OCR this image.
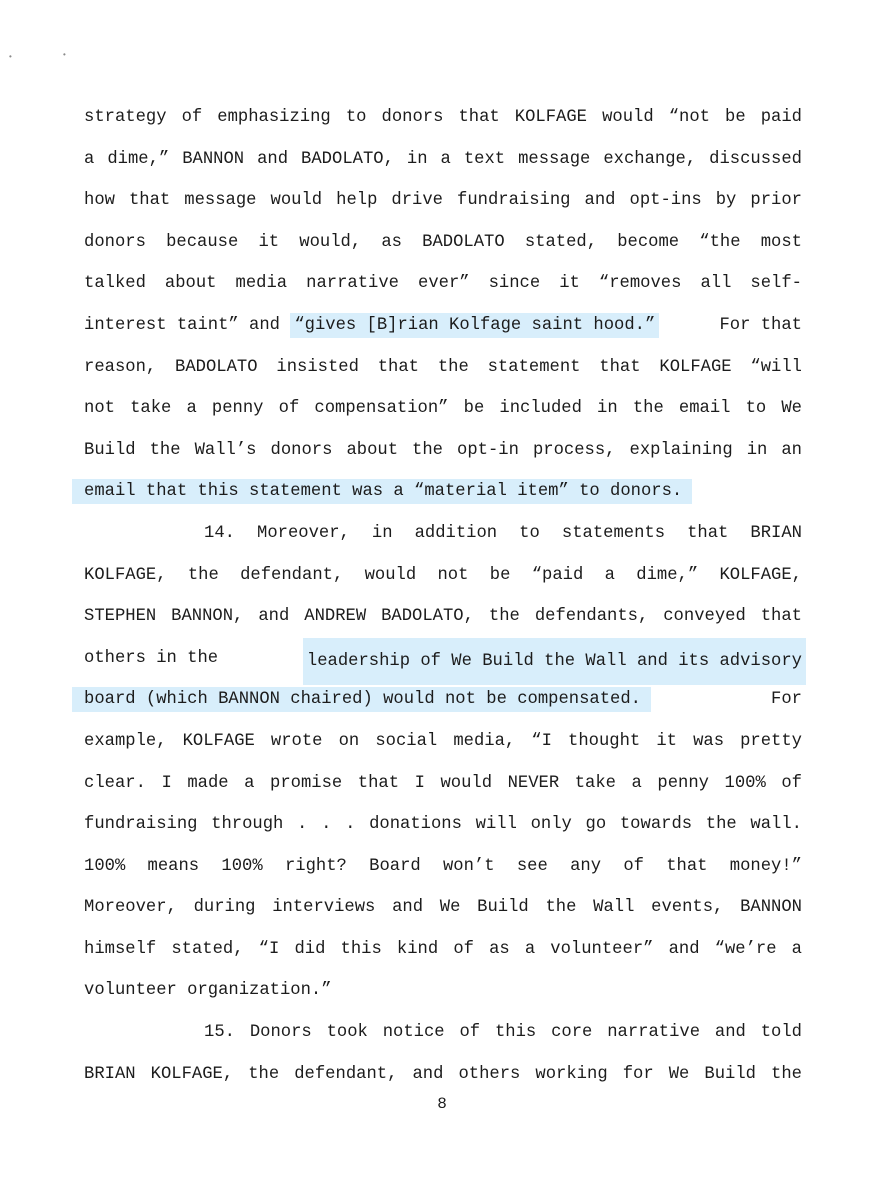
•	•
strategy of emphasizing to donors that KOLFAGE would “not be paid
a dime,” BANNON and BADOLATO, in a text message exchange, discussed
how that message would help drive fundraising and opt-ins by prior
donors because it would, as BADOLATO stated, become “the most
talked about media narrative ever” since it “removes all self-
interest taint” and “gives [B]rian Kolfage saint hood.”	For that
reason, BADOLATO insisted that the statement that KOLFAGE “will
not take a penny of compensation” be included in the email to We
Build the Wall’s donors about the opt-in process, explaining in an
email that this statement was a “material item” to donors.
14. Moreover, in addition to statements that BRIAN
KOLFAGE, the defendant, would not be “paid a dime,” KOLFAGE,
STEPHEN BANNON, and ANDREW BADOLATO, the defendants, conveyed that
others in the	leadership of We Build the Wall and its advisory
board (which BANNON chaired) would not be compensated.	For
example, KOLFAGE wrote on social media, “I thought it was pretty
clear. I made a promise that I would NEVER take a penny 100% of
fundraising through . . . donations will only go towards the wall.
100% means 100% right? Board won’t see any of that money!”
Moreover, during interviews and We Build the Wall events, BANNON
himself stated, “I did this kind of as a volunteer” and “we’re a
volunteer organization.”
15. Donors took notice of this core narrative and told
BRIAN KOLFAGE, the defendant, and others working for We Build the
8
